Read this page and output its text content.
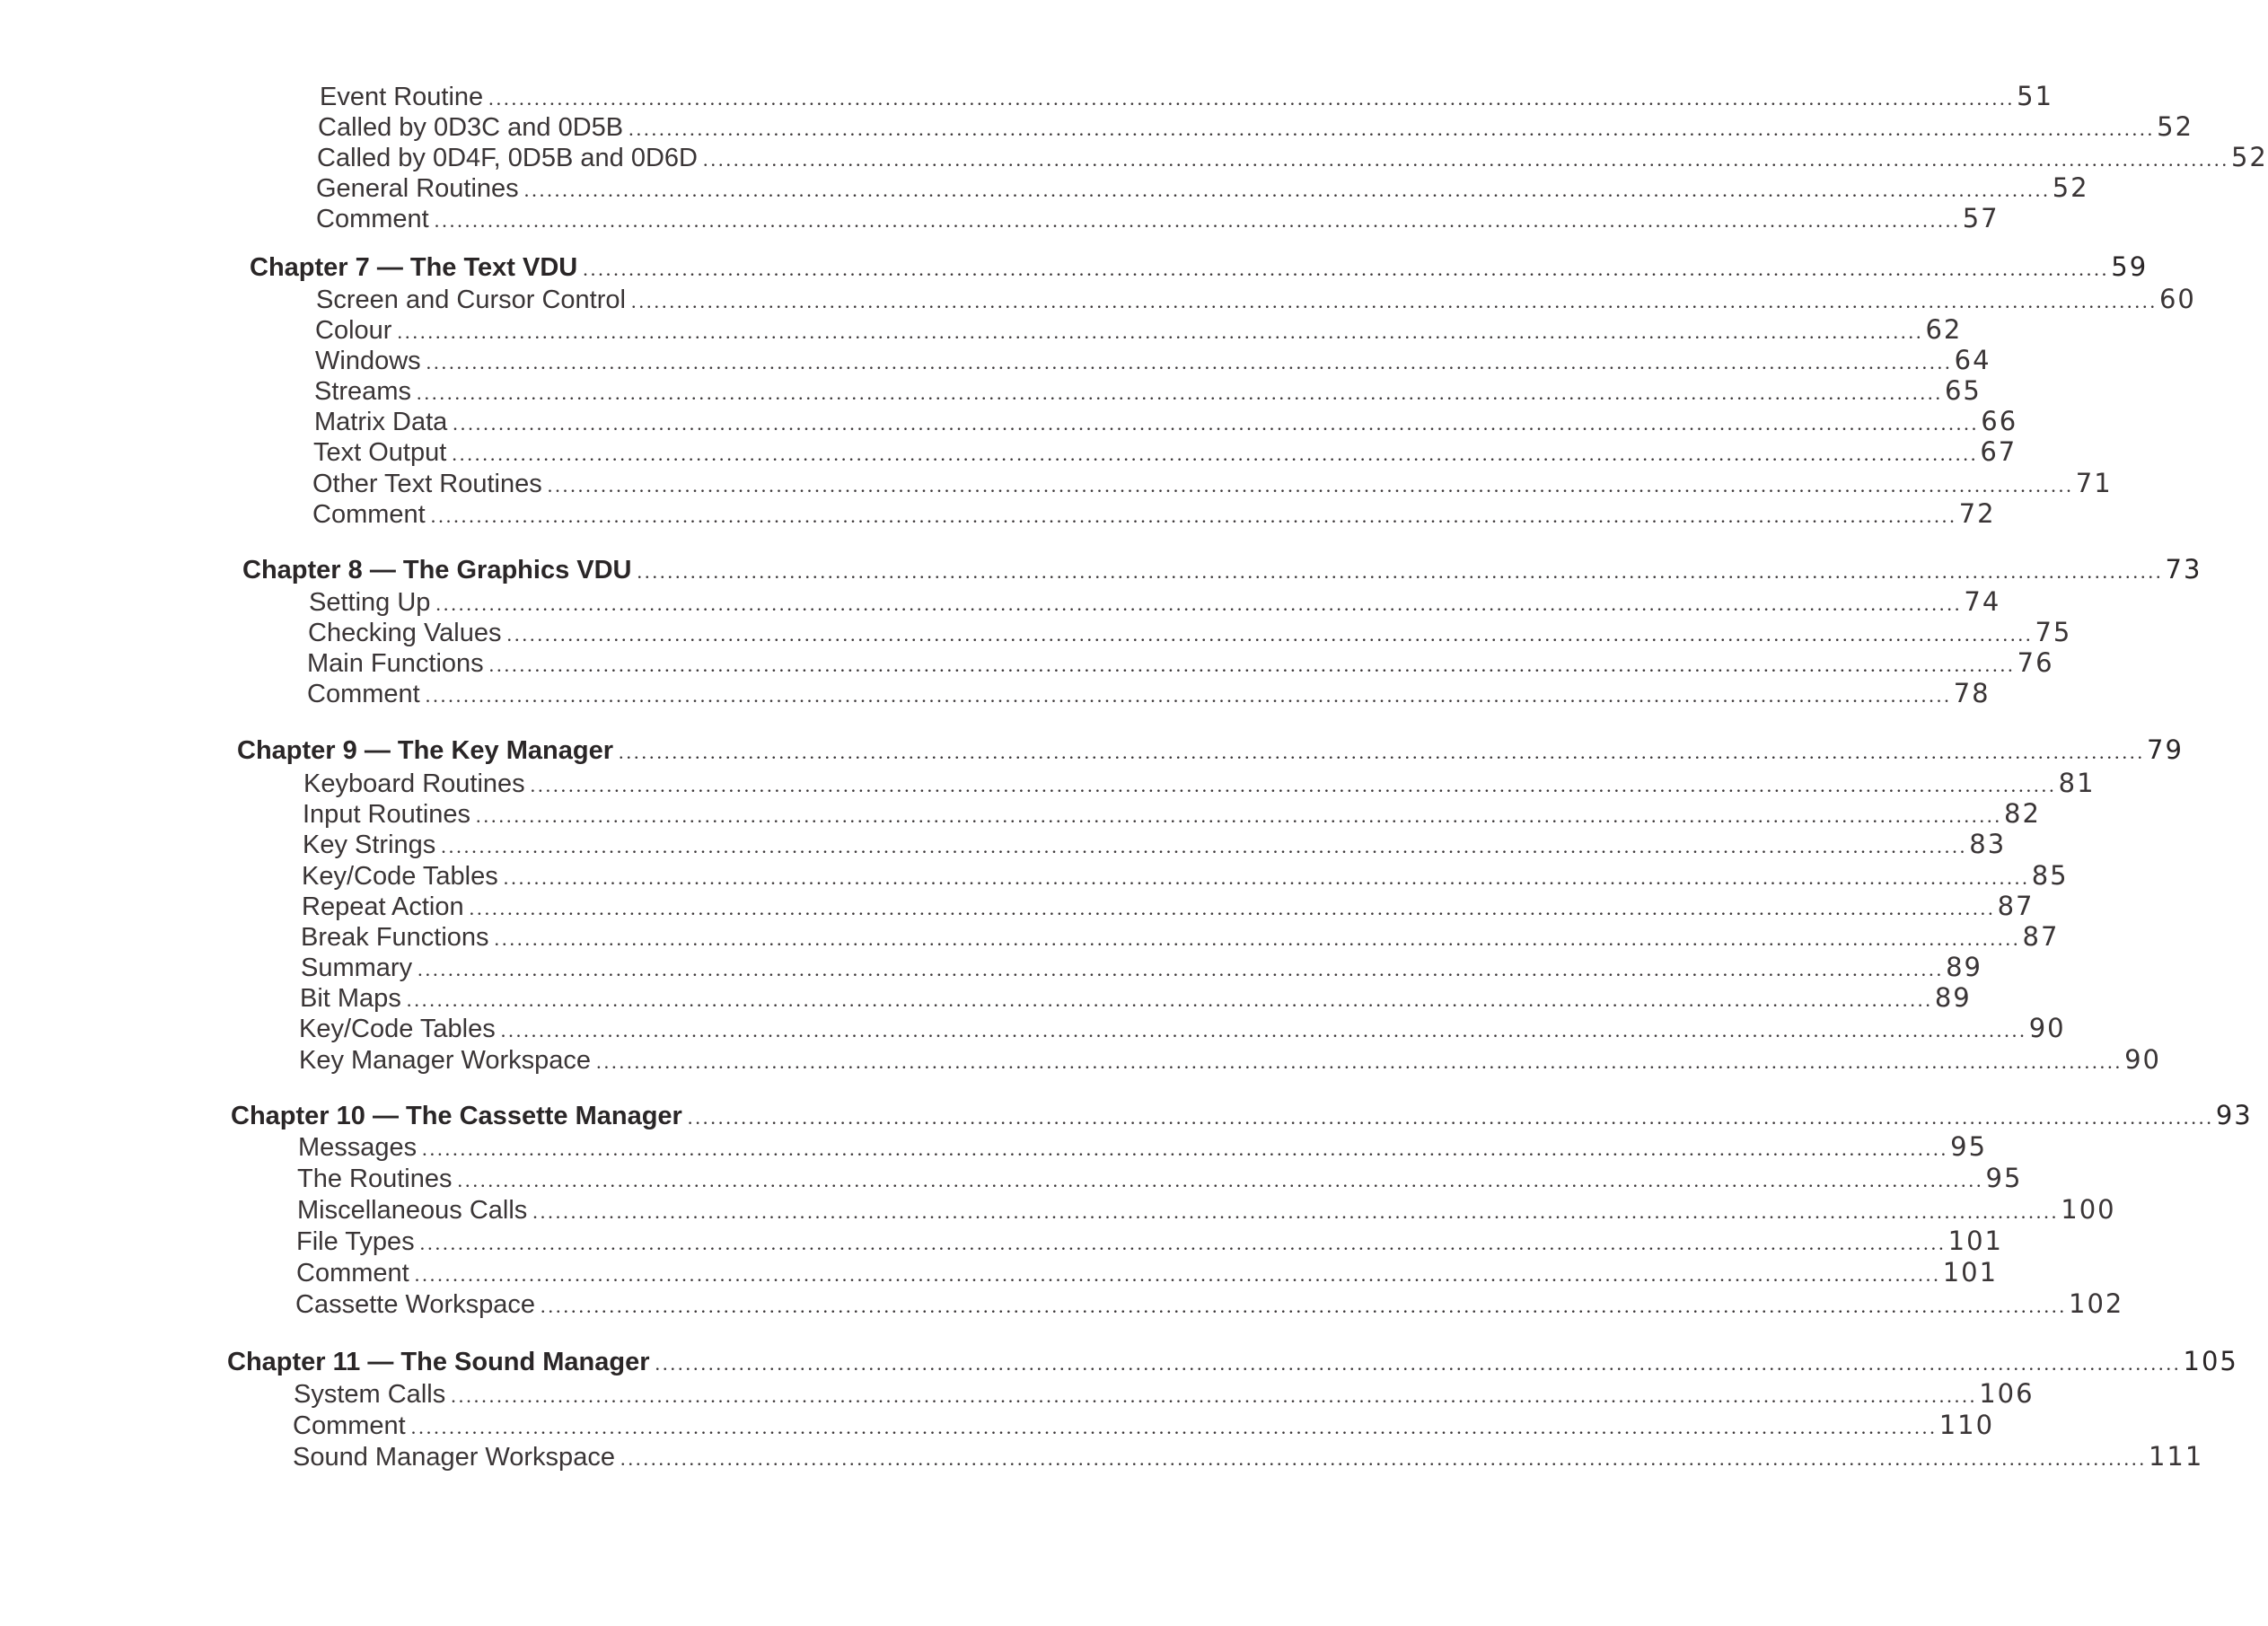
Event Routine ........................................................................................................................................................................................................ 51
Called by 0D3C and 0D5B ........................................................................................................................................................................................................ 52
Called by 0D4F, 0D5B and 0D6D ........................................................................................................................................................................................................ 52
General Routines ........................................................................................................................................................................................................ 52
Comment ........................................................................................................................................................................................................ 57
Chapter 7 — The Text VDU ........................................................................................................................................................................................................ 59
Screen and Cursor Control ........................................................................................................................................................................................................ 60
Colour ........................................................................................................................................................................................................ 62
Windows ........................................................................................................................................................................................................ 64
Streams ........................................................................................................................................................................................................ 65
Matrix Data ........................................................................................................................................................................................................ 66
Text Output ........................................................................................................................................................................................................ 67
Other Text Routines ........................................................................................................................................................................................................ 71
Comment ........................................................................................................................................................................................................ 72
Chapter 8 — The Graphics VDU ........................................................................................................................................................................................................ 73
Setting Up ........................................................................................................................................................................................................ 74
Checking Values ........................................................................................................................................................................................................ 75
Main Functions ........................................................................................................................................................................................................ 76
Comment ........................................................................................................................................................................................................ 78
Chapter 9 — The Key Manager ........................................................................................................................................................................................................ 79
Keyboard Routines ........................................................................................................................................................................................................ 81
Input Routines ........................................................................................................................................................................................................ 82
Key Strings ........................................................................................................................................................................................................ 83
Key/Code Tables ........................................................................................................................................................................................................ 85
Repeat Action ........................................................................................................................................................................................................ 87
Break Functions ........................................................................................................................................................................................................ 87
Summary ........................................................................................................................................................................................................ 89
Bit Maps ........................................................................................................................................................................................................ 89
Key/Code Tables ........................................................................................................................................................................................................ 90
Key Manager Workspace ........................................................................................................................................................................................................ 90
Chapter 10 — The Cassette Manager ........................................................................................................................................................................................................ 93
Messages ........................................................................................................................................................................................................ 95
The Routines ........................................................................................................................................................................................................ 95
Miscellaneous Calls ........................................................................................................................................................................................................ 100
File Types ........................................................................................................................................................................................................ 101
Comment ........................................................................................................................................................................................................ 101
Cassette Workspace ........................................................................................................................................................................................................ 102
Chapter 11 — The Sound Manager ........................................................................................................................................................................................................ 105
System Calls ........................................................................................................................................................................................................ 106
Comment ........................................................................................................................................................................................................ 110
Sound Manager Workspace ........................................................................................................................................................................................................ 111
